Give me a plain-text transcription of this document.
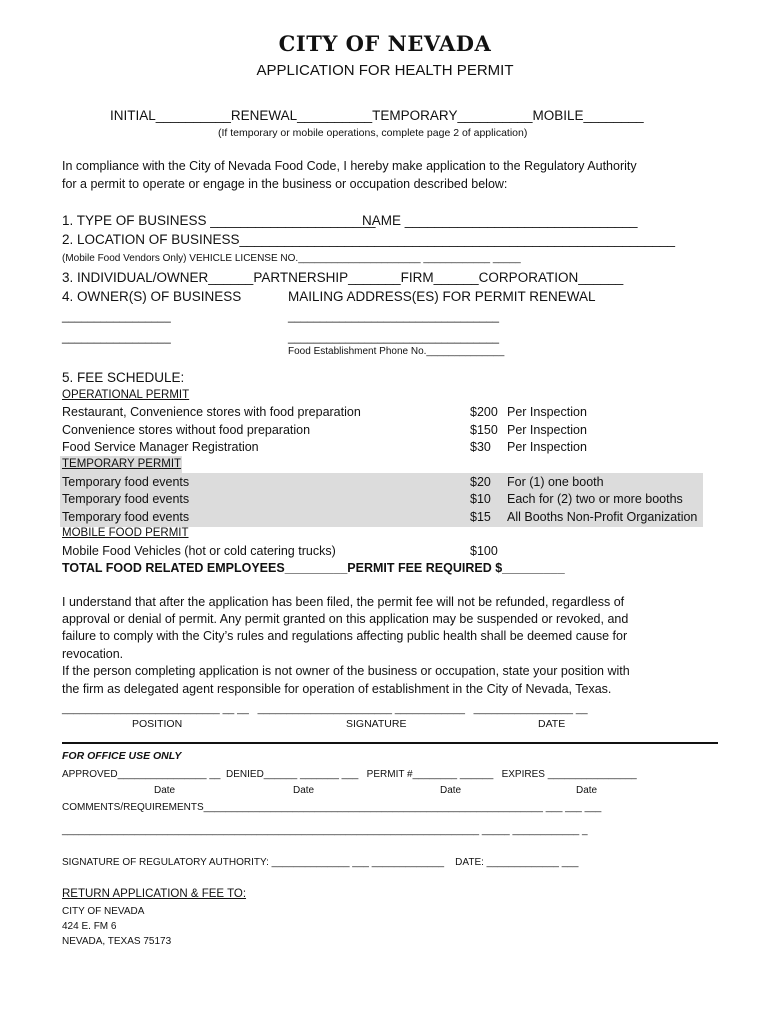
CITY OF NEVADA
APPLICATION FOR HEALTH PERMIT
INITIAL__________RENEWAL__________TEMPORARY__________MOBILE________
(If temporary or mobile operations, complete page 2 of application)
In compliance with the City of Nevada Food Code, I hereby make application to the Regulatory Authority
for a permit to operate or engage in the business or occupation described below:
1. TYPE OF BUSINESS ______________________
NAME _______________________________
2. LOCATION OF BUSINESS__________________________________________________________
(Mobile Food Vendors Only) VEHICLE LICENSE NO.______________________ ____________ _____
3. INDIVIDUAL/OWNER______PARTNERSHIP_______FIRM______CORPORATION______
4. OWNER(S) OF BUSINESS	MAILING ADDRESS(ES) FOR PERMIT RENEWAL
_________________	_________________________________
_________________	_________________________________
Food Establishment Phone No.______________
5. FEE SCHEDULE:
OPERATIONAL PERMIT
Restaurant, Convenience stores with food preparation	$200 Per Inspection
Convenience stores without food preparation	$150 Per Inspection
Food Service Manager Registration	$30 Per Inspection
TEMPORARY PERMIT
Temporary food events	$20 For (1) one booth
Temporary food events	$10 Each for (2) two or more booths
Temporary food events	$15 All Booths Non-Profit Organization
MOBILE FOOD PERMIT
Mobile Food Vehicles (hot or cold catering trucks)	$100
TOTAL FOOD RELATED EMPLOYEES_________PERMIT FEE REQUIRED $_________
I understand that after the application has been filed, the permit fee will not be refunded, regardless of
approval or denial of permit. Any permit granted on this application may be suspended or revoked, and
failure to comply with the City’s rules and regulations affecting public health shall be deemed cause for
revocation.
If the person completing application is not owner of the business or occupation, state your position with
the firm as delegated agent responsible for operation of establishment in the City of Nevada, Texas.
___________________________ __ __   _______________________ ____________   _________________ __
POSITION	SIGNATURE	DATE
FOR OFFICE USE ONLY
APPROVED________________ __  DENIED______ _______ ___   PERMIT #________ ______   EXPIRES ________________
Date	Date	Date	Date
COMMENTS/REQUIREMENTS_____________________________________________________________ ___ ___ ___
___________________________________________________________________________ _____ ____________ _
SIGNATURE OF REGULATORY AUTHORITY: ______________ ___ _____________    DATE: _____________ ___
RETURN APPLICATION & FEE TO:
CITY OF NEVADA
424 E. FM 6
NEVADA, TEXAS 75173
